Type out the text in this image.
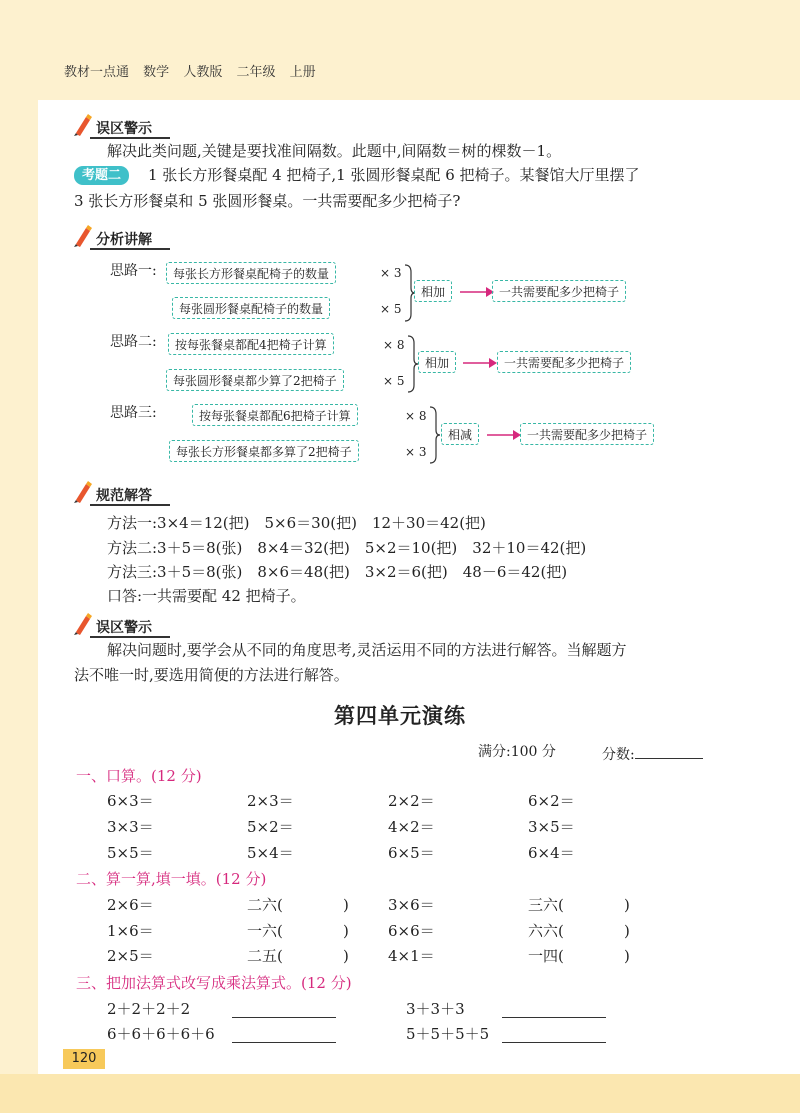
教材一点通 数学 人教版 二年级 上册
误区警示
解决此类问题,关键是要找准间隔数。此题中,间隔数＝树的棵数－1。
考题二	1 张长方形餐桌配 4 把椅子,1 张圆形餐桌配 6 把椅子。某餐馆大厅里摆了
3 张长方形餐桌和 5 张圆形餐桌。一共需要配多少把椅子?
分析讲解
思路一:	每张长方形餐桌配椅子的数量	× 3
每张圆形餐桌配椅子的数量	× 5
相加	一共需要配多少把椅子
思路二:	按每张餐桌都配4把椅子计算	× 8
每张圆形餐桌都少算了2把椅子	× 5
相加	一共需要配多少把椅子
思路三:	按每张餐桌都配6把椅子计算	× 8
每张长方形餐桌都多算了2把椅子	× 3
相减	一共需要配多少把椅子
规范解答
方法一:3×4＝12(把)　5×6＝30(把)　12＋30＝42(把)
方法二:3＋5＝8(张)　8×4＝32(把)　5×2＝10(把)　32＋10＝42(把)
方法三:3＋5＝8(张)　8×6＝48(把)　3×2＝6(把)　48－6＝42(把)
口答:一共需要配 42 把椅子。
误区警示
解决问题时,要学会从不同的角度思考,灵活运用不同的方法进行解答。当解题方
法不唯一时,要选用简便的方法进行解答。
第四单元演练
满分:100 分	分数:
一、口算。(12 分)
6×3＝	2×3＝	2×2＝	6×2＝
3×3＝	5×2＝	4×2＝	3×5＝
5×5＝	5×4＝	6×5＝	6×4＝
二、算一算,填一填。(12 分)
2×6＝	二六(	)	3×6＝	三六(	)
1×6＝	一六(	)	6×6＝	六六(	)
2×5＝	二五(	)	4×1＝	一四(	)
三、把加法算式改写成乘法算式。(12 分)
2＋2＋2＋2	3＋3＋3
6＋6＋6＋6＋6	5＋5＋5＋5
120
